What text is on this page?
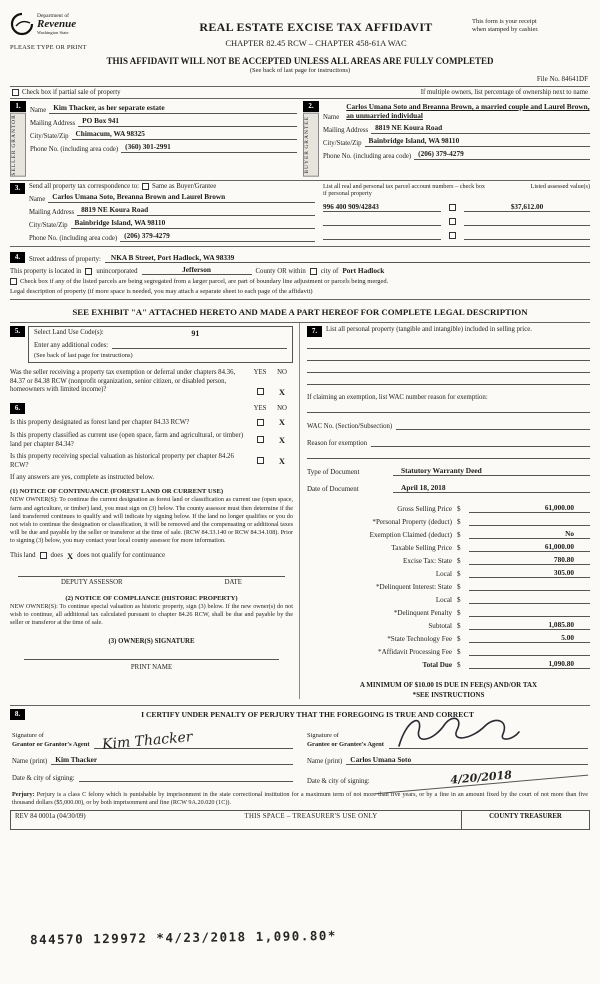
Department of
Revenue
Washington State
PLEASE TYPE OR PRINT
REAL ESTATE EXCISE TAX AFFIDAVIT
CHAPTER 82.45 RCW – CHAPTER 458-61A WAC
This form is your receipt
when stamped by cashier.
THIS AFFIDAVIT WILL NOT BE ACCEPTED UNLESS ALL AREAS ARE FULLY COMPLETED
(See back of last page for instructions)
File No. 84641DF
Check box if partial sale of property	If multiple owners, list percentage of ownership next to name
1.
SELLER
GRANTOR
Name Kim Thacker, as her separate estate
Mailing Address PO Box 941
City/State/Zip Chimacum, WA 98325
Phone No. (including area code) (360) 301-2991
2.
BUYER
GRANTEE	Name
Carlos Umana Soto and Breanna Brown, a married couple and Laurel Brown, an unmarried individual
Mailing Address 8819 NE Koura Road
City/State/Zip Bainbridge Island, WA 98110
Phone No. (including area code) (206) 379-4279
3.	Send all property tax correspondence to: Same as Buyer/Grantee
Name Carlos Umana Soto, Breanna Brown and Laurel Brown
Mailing Address 8819 NE Koura Road
City/State/Zip Bainbridge Island, WA 98110
Phone No. (including area code) (206) 379-4279
List all real and personal tax parcel account numbers – check box if personal property
Listed assessed value(s)
996 400 909/42843	$37,612.00
4.	Street address of property:	NKA B Street, Port Hadlock, WA 98339
This property is located in unincorporated	Jefferson	County OR within city of Port Hadlock
Check box if any of the listed parcels are being segregated from a larger parcel, are part of boundary line adjustment or parcels being merged.
Legal description of property (if more space is needed, you may attach a separate sheet to each page of the affidavit)
SEE EXHIBIT "A" ATTACHED HERETO AND MADE A PART HEREOF FOR COMPLETE LEGAL DESCRIPTION
5.	Select Land Use Code(s):	91
Enter any additional codes:
(See back of last page for instructions)
Was the seller receiving a property tax exemption or deferral under chapters 84.36, 84.37 or 84.38 RCW (nonprofit organization, senior citizen, or disabled person, homeowners with limited income)?
YES NO
X
6.	YES	NO
Is this property designated as forest land per chapter 84.33 RCW?	X
Is this property classified as current use (open space, farm and agricultural, or timber) land per chapter 84.34?	X
Is this property receiving special valuation as historical property per chapter 84.26 RCW?	X
If any answers are yes, complete as instructed below.
(1) NOTICE OF CONTINUANCE (FOREST LAND OR CURRENT USE)
NEW OWNER(S): To continue the current designation as forest land or classification as current use (open space, farm and agriculture, or timber) land, you must sign on (3) below. The county assessor must then determine if the land transferred continues to qualify and will indicate by signing below. If the land no longer qualifies or you do not wish to continue the designation or classification, it will be removed and the compensating or additional taxes will be due and payable by the seller or transferor at the time of sale. (RCW 84.33.140 or RCW 84.34.108). Prior to signing (3) below, you may contact your local county assessor for more information.
This land does X does not qualify for continuance
DEPUTY ASSESSOR	DATE
(2) NOTICE OF COMPLIANCE (HISTORIC PROPERTY)
NEW OWNER(S): To continue special valuation as historic property, sign (3) below. If the new owner(s) do not wish to continue, all additional tax calculated pursuant to chapter 84.26 RCW, shall be due and payable by the seller or transferor at the time of sale.
(3) OWNER(S) SIGNATURE
PRINT NAME
7.	List all personal property (tangible and intangible) included in selling price.
If claiming an exemption, list WAC number reason for exemption:
WAC No. (Section/Subsection)
Reason for exemption
Type of Document	Statutory Warranty Deed
Date of Document	April 18, 2018
Gross Selling Price $	61,000.00
*Personal Property (deduct) $
Exemption Claimed (deduct) $	No
Taxable Selling Price $	61,000.00
Excise Tax: State $	780.80
Local $	305.00
*Delinquent Interest: State $
Local $
*Delinquent Penalty $
Subtotal $	1,085.80
*State Technology Fee $	5.00
*Affidavit Processing Fee $
Total Due $	1,090.80
A MINIMUM OF $10.00 IS DUE IN FEE(S) AND/OR TAX
*SEE INSTRUCTIONS
8.	I CERTIFY UNDER PENALTY OF PERJURY THAT THE FOREGOING IS TRUE AND CORRECT
Signature of
Grantor or Grantor's Agent Kim Thacker
Name (print)	Kim Thacker
Date & city of signing:
Signature of
Grantee or Grantee's Agent
Name (print)	Carlos Umana Soto
Date & city of signing:	4/20/2018
Perjury: Perjury is a class C felony which is punishable by imprisonment in the state correctional institution for a maximum term of not more than five years, or by a fine in an amount fixed by the court of not more than five thousand dollars ($5,000.00), or by both imprisonment and fine (RCW 9A.20.020 (1C)).
REV 84 0001a (04/30/09)	THIS SPACE – TREASURER'S USE ONLY	COUNTY TREASURER
844570 129972 *4/23/2018 1,090.80*
